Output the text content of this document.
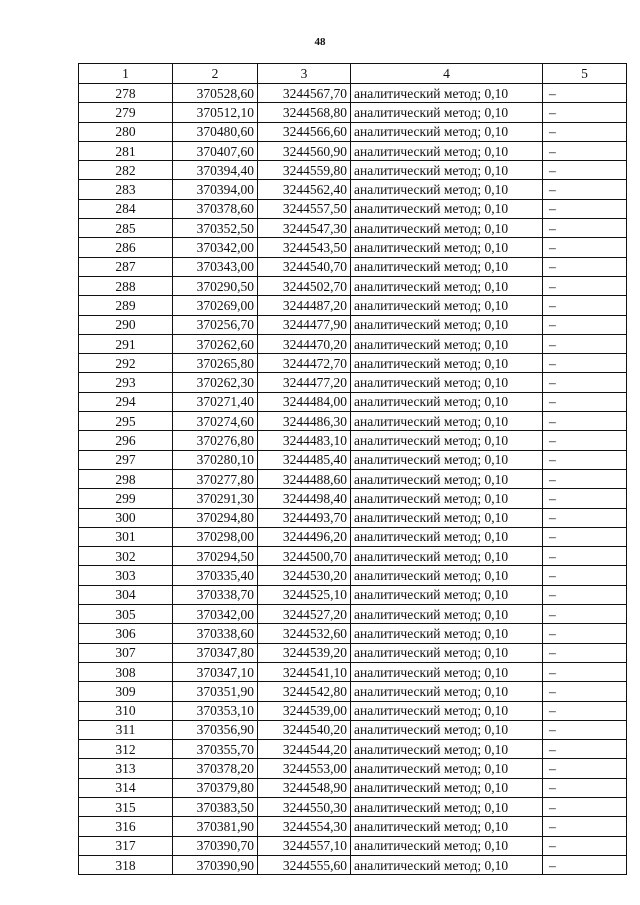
48
1	2	3	4	5
278	370528,60	3244567,70	аналитический метод; 0,10	–
279	370512,10	3244568,80	аналитический метод; 0,10	–
280	370480,60	3244566,60	аналитический метод; 0,10	–
281	370407,60	3244560,90	аналитический метод; 0,10	–
282	370394,40	3244559,80	аналитический метод; 0,10	–
283	370394,00	3244562,40	аналитический метод; 0,10	–
284	370378,60	3244557,50	аналитический метод; 0,10	–
285	370352,50	3244547,30	аналитический метод; 0,10	–
286	370342,00	3244543,50	аналитический метод; 0,10	–
287	370343,00	3244540,70	аналитический метод; 0,10	–
288	370290,50	3244502,70	аналитический метод; 0,10	–
289	370269,00	3244487,20	аналитический метод; 0,10	–
290	370256,70	3244477,90	аналитический метод; 0,10	–
291	370262,60	3244470,20	аналитический метод; 0,10	–
292	370265,80	3244472,70	аналитический метод; 0,10	–
293	370262,30	3244477,20	аналитический метод; 0,10	–
294	370271,40	3244484,00	аналитический метод; 0,10	–
295	370274,60	3244486,30	аналитический метод; 0,10	–
296	370276,80	3244483,10	аналитический метод; 0,10	–
297	370280,10	3244485,40	аналитический метод; 0,10	–
298	370277,80	3244488,60	аналитический метод; 0,10	–
299	370291,30	3244498,40	аналитический метод; 0,10	–
300	370294,80	3244493,70	аналитический метод; 0,10	–
301	370298,00	3244496,20	аналитический метод; 0,10	–
302	370294,50	3244500,70	аналитический метод; 0,10	–
303	370335,40	3244530,20	аналитический метод; 0,10	–
304	370338,70	3244525,10	аналитический метод; 0,10	–
305	370342,00	3244527,20	аналитический метод; 0,10	–
306	370338,60	3244532,60	аналитический метод; 0,10	–
307	370347,80	3244539,20	аналитический метод; 0,10	–
308	370347,10	3244541,10	аналитический метод; 0,10	–
309	370351,90	3244542,80	аналитический метод; 0,10	–
310	370353,10	3244539,00	аналитический метод; 0,10	–
311	370356,90	3244540,20	аналитический метод; 0,10	–
312	370355,70	3244544,20	аналитический метод; 0,10	–
313	370378,20	3244553,00	аналитический метод; 0,10	–
314	370379,80	3244548,90	аналитический метод; 0,10	–
315	370383,50	3244550,30	аналитический метод; 0,10	–
316	370381,90	3244554,30	аналитический метод; 0,10	–
317	370390,70	3244557,10	аналитический метод; 0,10	–
318	370390,90	3244555,60	аналитический метод; 0,10	–
